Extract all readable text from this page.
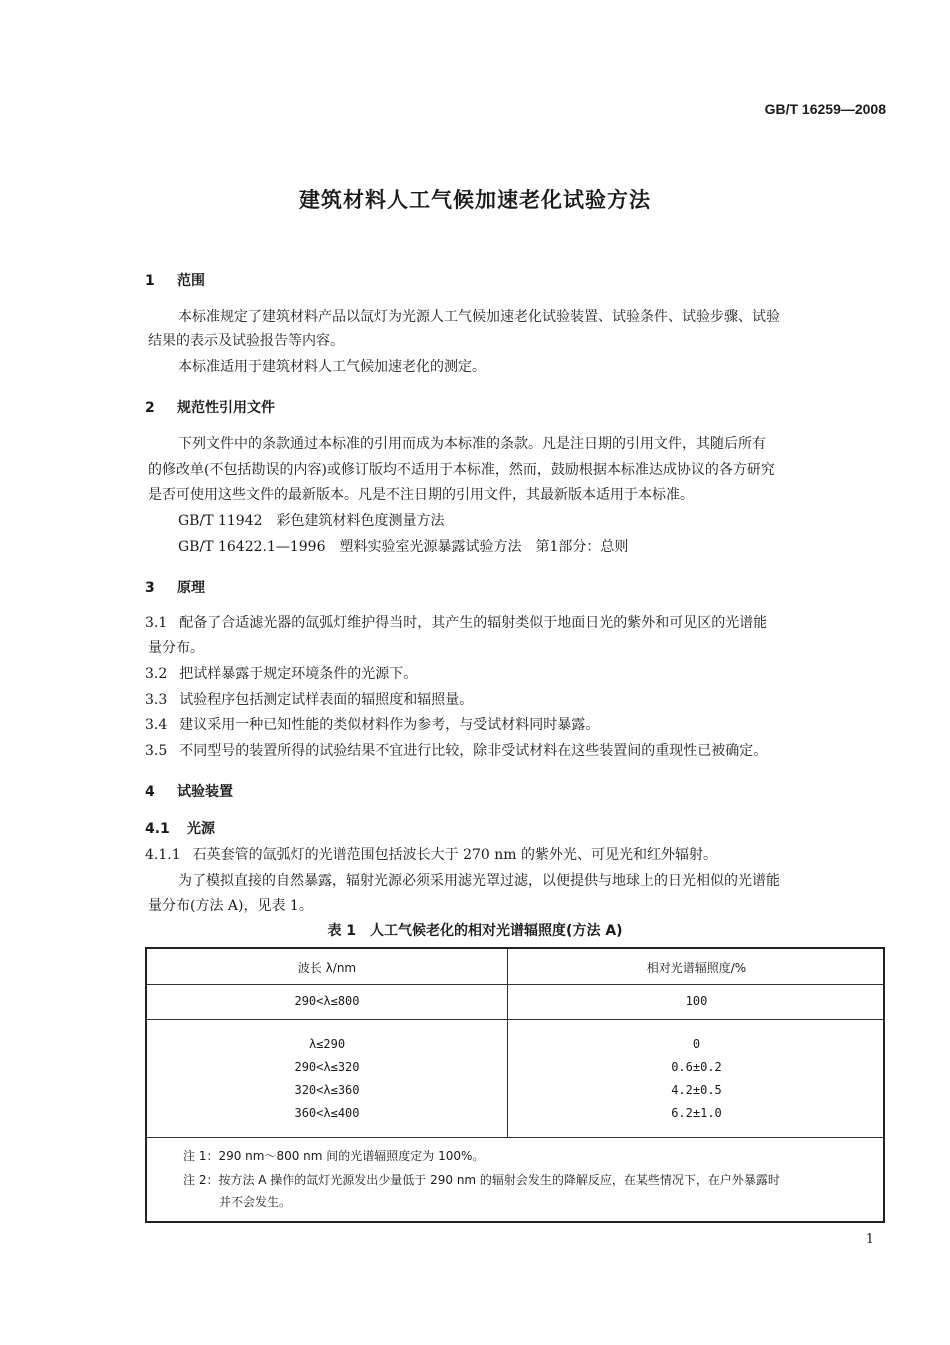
GB/T 16259—2008
建筑材料人工气候加速老化试验方法
1 范围
本标准规定了建筑材料产品以氙灯为光源人工气候加速老化试验装置、试验条件、试验步骤、试验
结果的表示及试验报告等内容。
本标准适用于建筑材料人工气候加速老化的测定。
2 规范性引用文件
下列文件中的条款通过本标准的引用而成为本标准的条款。凡是注日期的引用文件，其随后所有
的修改单(不包括勘误的内容)或修订版均不适用于本标准，然而，鼓励根据本标准达成协议的各方研究
是否可使用这些文件的最新版本。凡是不注日期的引用文件，其最新版本适用于本标准。
GB/T 11942 彩色建筑材料色度测量方法
GB/T 16422.1—1996 塑料实验室光源暴露试验方法　第1部分：总则
3 原理
3.1 配备了合适滤光器的氙弧灯维护得当时，其产生的辐射类似于地面日光的紫外和可见区的光谱能
量分布。
3.2 把试样暴露于规定环境条件的光源下。
3.3 试验程序包括测定试样表面的辐照度和辐照量。
3.4 建议采用一种已知性能的类似材料作为参考，与受试材料同时暴露。
3.5 不同型号的装置所得的试验结果不宜进行比较，除非受试材料在这些装置间的重现性已被确定。
4 试验装置
4.1 光源
4.1.1 石英套管的氙弧灯的光谱范围包括波长大于 270 nm 的紫外光、可见光和红外辐射。
为了模拟直接的自然暴露，辐射光源必须采用滤光罩过滤，以便提供与地球上的日光相似的光谱能
量分布(方法 A)，见表 1。
表 1　人工气候老化的相对光谱辐照度(方法 A)
波长 λ/nm	相对光谱辐照度/%
290<λ≤800	100
λ≤290	0
290<λ≤320	0.6±0.2
320<λ≤360	4.2±0.5
360<λ≤400	6.2±1.0
注 1：290 nm～800 nm 间的光谱辐照度定为 100%。
注 2：按方法 A 操作的氙灯光源发出少量低于 290 nm 的辐射会发生的降解反应，在某些情况下，在户外暴露时
并不会发生。
1
